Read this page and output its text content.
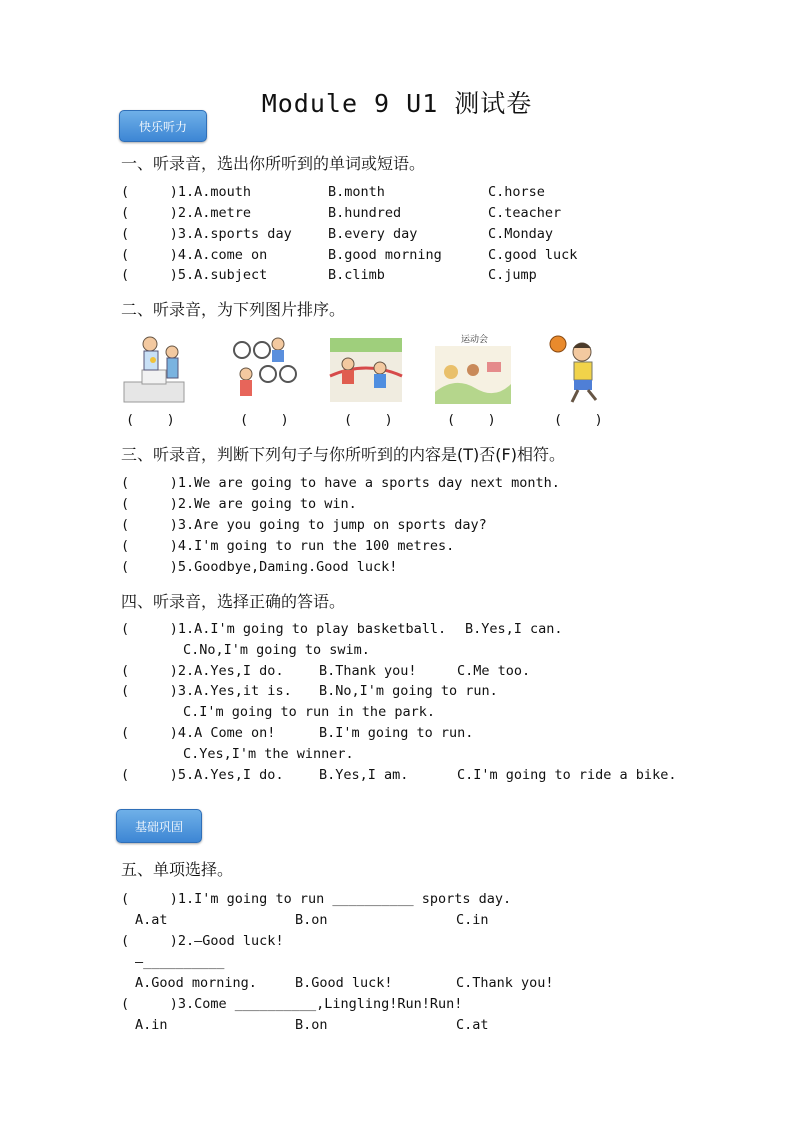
Module 9 U1 测试卷
快乐听力
一、听录音，选出你所听到的单词或短语。
(     )1.A.mouth	B.month	C.horse
(     )2.A.metre	B.hundred	C.teacher
(     )3.A.sports day	B.every day	C.Monday
(     )4.A.come on	B.good morning	C.good luck
(     )5.A.subject	B.climb	C.jump
二、听录音，为下列图片排序。
运动会
(    )	(    )	(    )	(    )	(    )
三、听录音，判断下列句子与你所听到的内容是(T)否(F)相符。
(     )1.We are going to have a sports day next month.
(     )2.We are going to win.
(     )3.Are you going to jump on sports day?
(     )4.I'm going to run the 100 metres.
(     )5.Goodbye,Daming.Good luck!
四、听录音，选择正确的答语。
(     )1.A.I'm going to play basketball. B.Yes,I can.
C.No,I'm going to swim.
(     )2.A.Yes,I do.	B.Thank you!	C.Me too.
(     )3.A.Yes,it is. B.No,I'm going to run.
C.I'm going to run in the park.
(     )4.A Come on!	B.I'm going to run.
C.Yes,I'm the winner.
(     )5.A.Yes,I do.	B.Yes,I am.	C.I'm going to ride a bike.
基础巩固
五、单项选择。
(     )1.I'm going to run __________ sports day.
A.at	B.on	C.in
(     )2.—Good luck!
—__________
A.Good morning.	B.Good luck!	C.Thank you!
(     )3.Come __________,Lingling!Run!Run!
A.in	B.on	C.at
